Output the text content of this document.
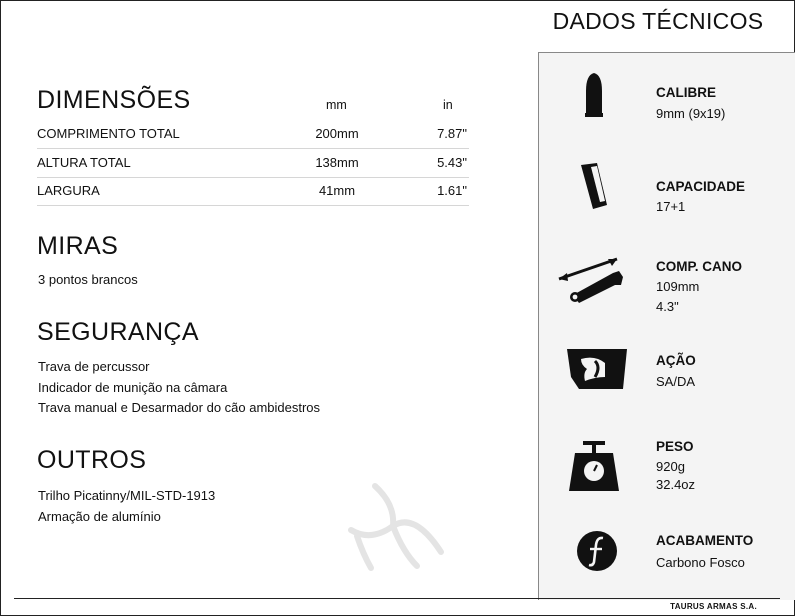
DADOS TÉCNICOS
CALIBRE
9mm (9x19)
CAPACIDADE
17+1
COMP. CANO
109mm
4.3"
AÇÃO
SA/DA
PESO
920g
32.4oz
ACABAMENTO
Carbono Fosco
DIMENSÕES	mm	in
COMPRIMENTO TOTAL	200mm	7.87"
ALTURA TOTAL	138mm	5.43"
LARGURA	41mm	1.61"
MIRAS
3 pontos brancos
SEGURANÇA
Trava de percussor
Indicador de munição na câmara
Trava manual e Desarmador do cão ambidestros
OUTROS
Trilho Picatinny/MIL-STD-1913
Armação de alumínio
TAURUS ARMAS S.A.
